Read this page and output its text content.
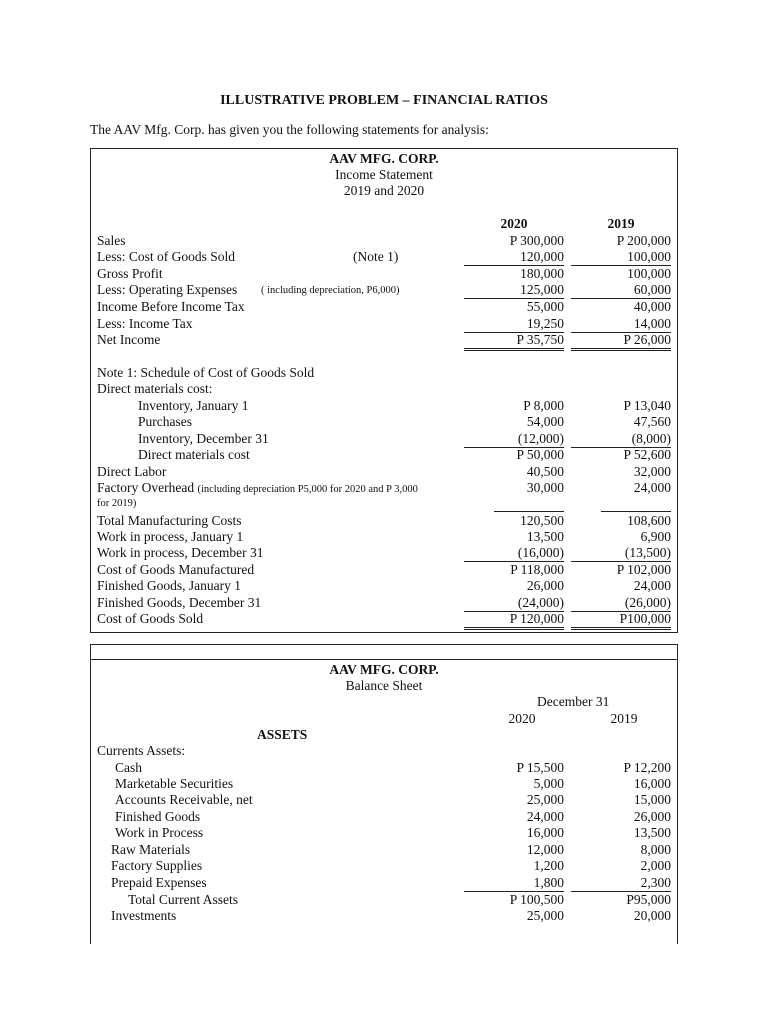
ILLUSTRATIVE PROBLEM – FINANCIAL RATIOS
The AAV Mfg. Corp. has given you the following statements for analysis:
AAV MFG. CORP.
Income Statement
2019 and 2020
2020	2019
Sales	P 300,000	P 200,000
Less: Cost of Goods Sold	(Note 1)	120,000	100,000
Gross Profit	180,000	100,000
Less: Operating Expenses ( including depreciation, P6,000)	125,000	60,000
Income Before Income Tax	55,000	40,000
Less: Income Tax	19,250	14,000
Net Income	P 35,750	P 26,000
Note 1: Schedule of Cost of Goods Sold
Direct materials cost:
Inventory, January 1	P 8,000	P 13,040
Purchases	54,000	47,560
Inventory, December 31	(12,000)	(8,000)
Direct materials cost	P 50,000	P 52,600
Direct Labor	40,500	32,000
Factory Overhead (including depreciation P5,000 for 2020 and P 3,000
for 2019)
30,000	24,000
Total Manufacturing Costs	120,500	108,600
Work in process, January 1	13,500	6,900
Work in process, December 31	(16,000)	(13,500)
Cost of Goods Manufactured	P 118,000	P 102,000
Finished Goods, January 1	26,000	24,000
Finished Goods, December 31	(24,000)	(26,000)
Cost of Goods Sold	P 120,000	P100,000
AAV MFG. CORP.
Balance Sheet
December 31
2020	2019
ASSETS
Currents Assets:
Cash	P 15,500	P 12,200
Marketable Securities	5,000	16,000
Accounts Receivable, net	25,000	15,000
Finished Goods	24,000	26,000
Work in Process	16,000	13,500
Raw Materials	12,000	8,000
Factory Supplies	1,200	2,000
Prepaid Expenses	1,800	2,300
Total Current Assets	P 100,500	P95,000
Investments	25,000	20,000
